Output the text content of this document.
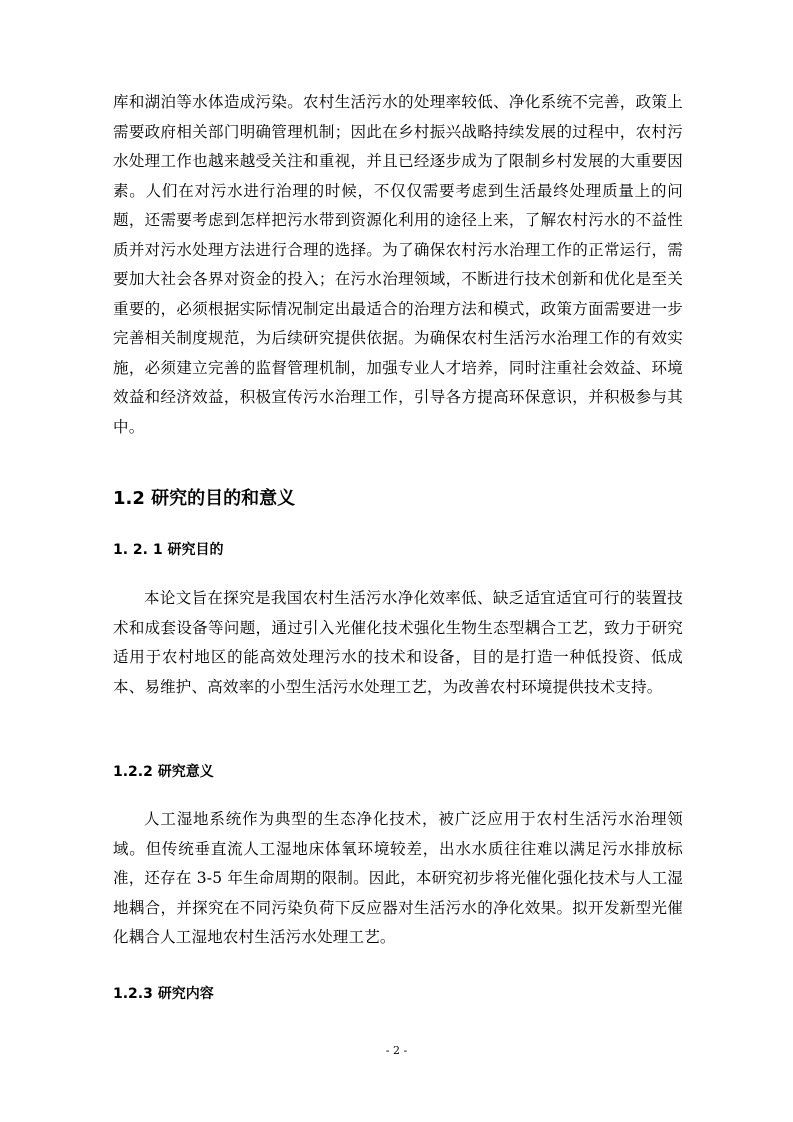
库和湖泊等水体造成污染。农村生活污水的处理率较低、净化系统不完善，政策上需要政府相关部门明确管理机制；因此在乡村振兴战略持续发展的过程中，农村污水处理工作也越来越受关注和重视，并且已经逐步成为了限制乡村发展的大重要因素。人们在对污水进行治理的时候，不仅仅需要考虑到生活最终处理质量上的问题，还需要考虑到怎样把污水带到资源化利用的途径上来，了解农村污水的不益性质并对污水处理方法进行合理的选择。为了确保农村污水治理工作的正常运行，需要加大社会各界对资金的投入；在污水治理领域，不断进行技术创新和优化是至关重要的，必须根据实际情况制定出最适合的治理方法和模式，政策方面需要进一步完善相关制度规范，为后续研究提供依据。为确保农村生活污水治理工作的有效实施，必须建立完善的监督管理机制，加强专业人才培养，同时注重社会效益、环境效益和经济效益，积极宣传污水治理工作，引导各方提高环保意识，并积极参与其中。

1.2 研究的目的和意义
1. 2. 1 研究目的

本论文旨在探究是我国农村生活污水净化效率低、缺乏适宜适宜可行的装置技术和成套设备等问题，通过引入光催化技术强化生物生态型耦合工艺，致力于研究适用于农村地区的能高效处理污水的技术和设备，目的是打造一种低投资、低成本、易维护、高效率的小型生活污水处理工艺，为改善农村环境提供技术支持。

1.2.2 研究意义

人工湿地系统作为典型的生态净化技术，被广泛应用于农村生活污水治理领域。但传统垂直流人工湿地床体氧环境较差，出水水质往往难以满足污水排放标准，还存在 3-5 年生命周期的限制。因此，本研究初步将光催化强化技术与人工湿地耦合，并探究在不同污染负荷下反应器对生活污水的净化效果。拟开发新型光催化耦合人工湿地农村生活污水处理工艺。

1.2.3 研究内容
- 2 -
